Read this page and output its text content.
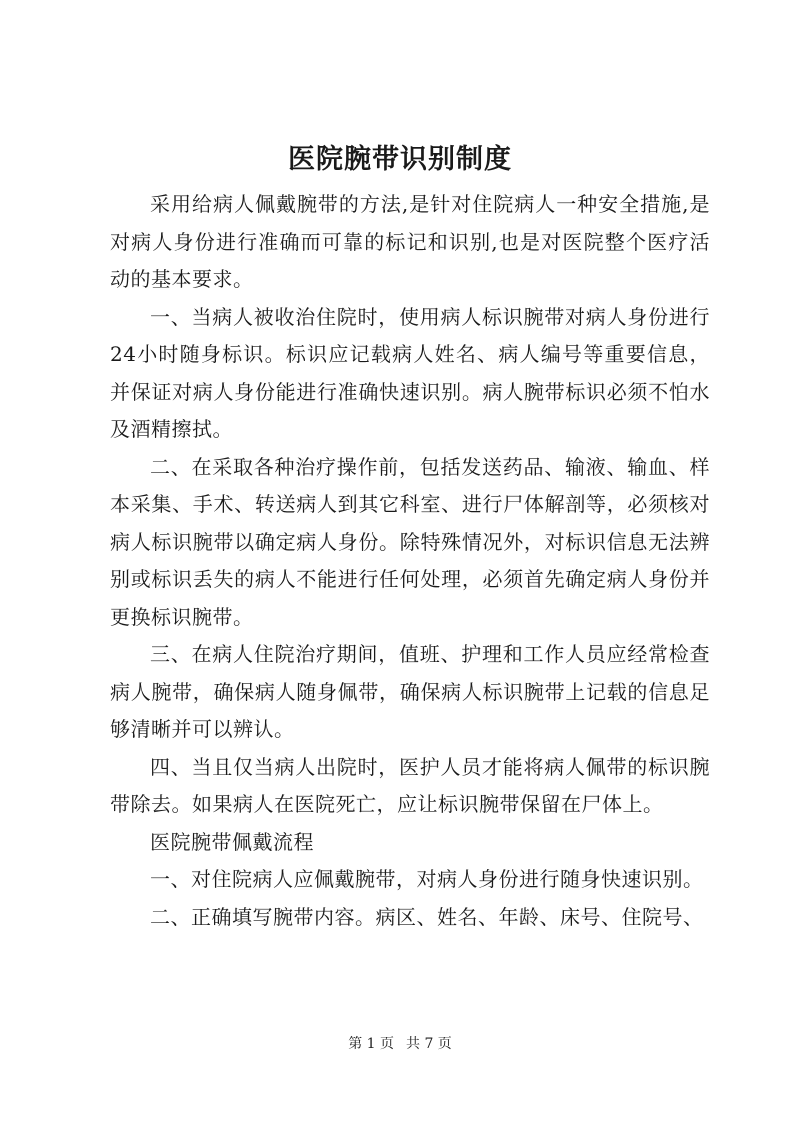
医院腕带识别制度

采用给病人佩戴腕带的方法,是针对住院病人一种安全措施,是对病人身份进行准确而可靠的标记和识别,也是对医院整个医疗活动的基本要求。

一、当病人被收治住院时，使用病人标识腕带对病人身份进行24小时随身标识。标识应记载病人姓名、病人编号等重要信息，并保证对病人身份能进行准确快速识别。病人腕带标识必须不怕水及酒精擦拭。

二、在采取各种治疗操作前，包括发送药品、输液、输血、样本采集、手术、转送病人到其它科室、进行尸体解剖等，必须核对病人标识腕带以确定病人身份。除特殊情况外，对标识信息无法辨别或标识丢失的病人不能进行任何处理，必须首先确定病人身份并更换标识腕带。

三、在病人住院治疗期间，值班、护理和工作人员应经常检查病人腕带，确保病人随身佩带，确保病人标识腕带上记载的信息足够清晰并可以辨认。

四、当且仅当病人出院时，医护人员才能将病人佩带的标识腕带除去。如果病人在医院死亡，应让标识腕带保留在尸体上。

医院腕带佩戴流程

一、对住院病人应佩戴腕带，对病人身份进行随身快速识别。

二、正确填写腕带内容。病区、姓名、年龄、床号、住院号、

第 1 页 共 7 页
